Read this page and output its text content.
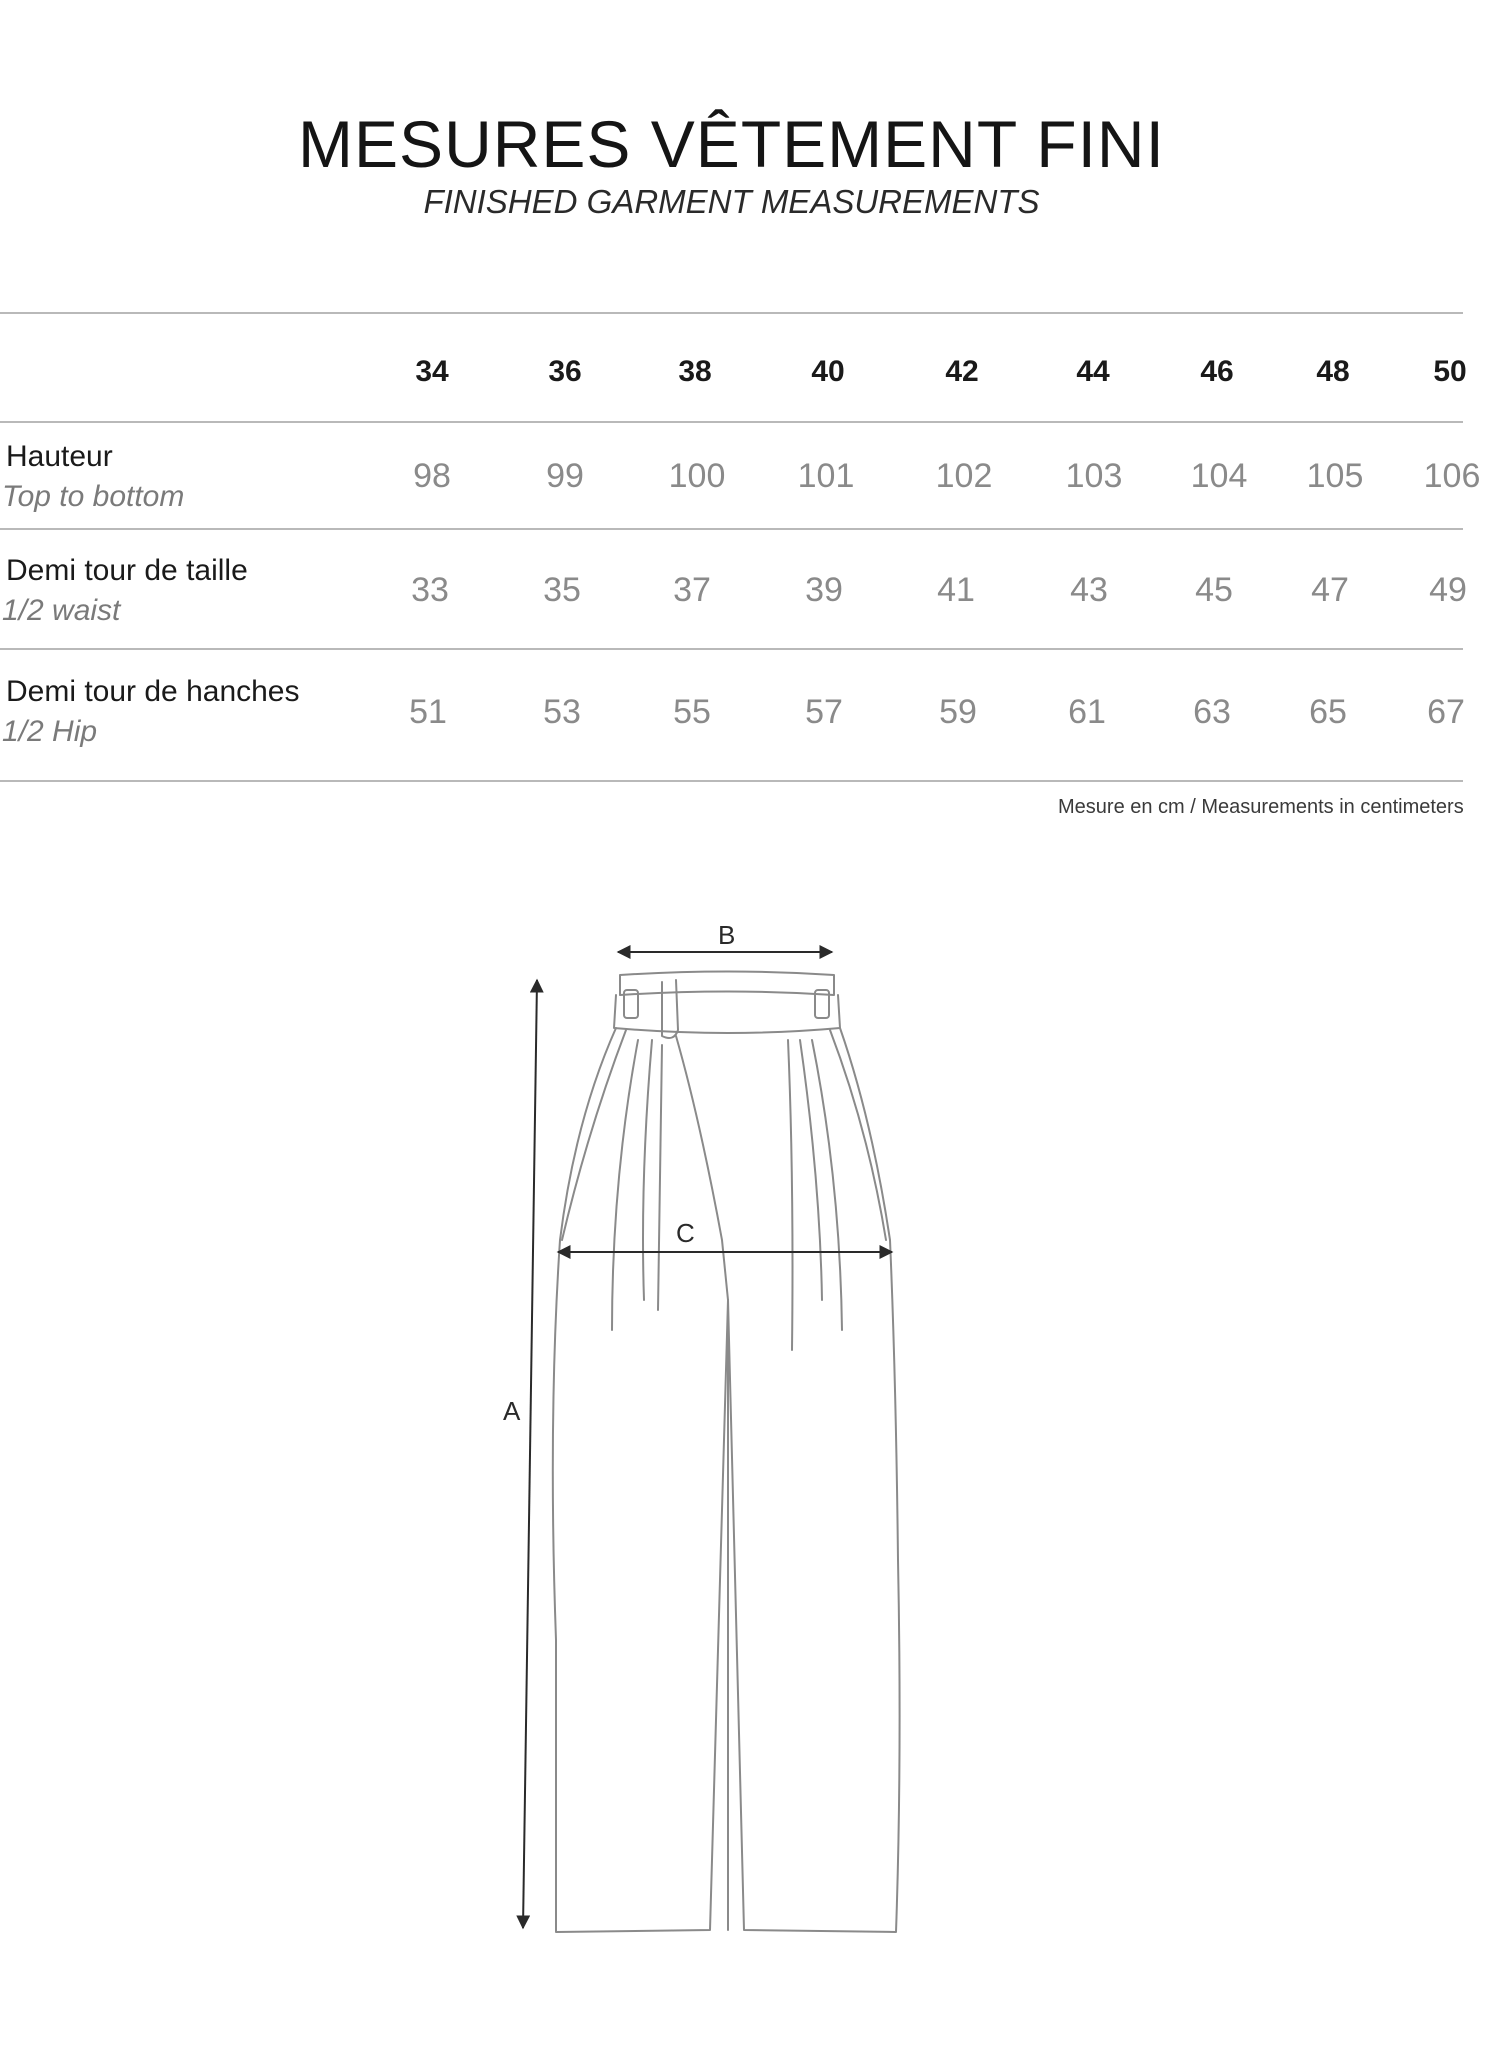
MESURES VÊTEMENT FINI
FINISHED GARMENT MEASUREMENTS
34	36	38	40	42	44	46	48	50
Hauteur
Top to bottom
98	99	100	101	102	103	104	105	106
Demi tour de taille
1/2 waist
33	35	37	39	41	43	45	47	49
Demi tour de hanches
1/2 Hip
51	53	55	57	59	61	63	65	67
Mesure en cm / Measurements in centimeters
A
B
C
